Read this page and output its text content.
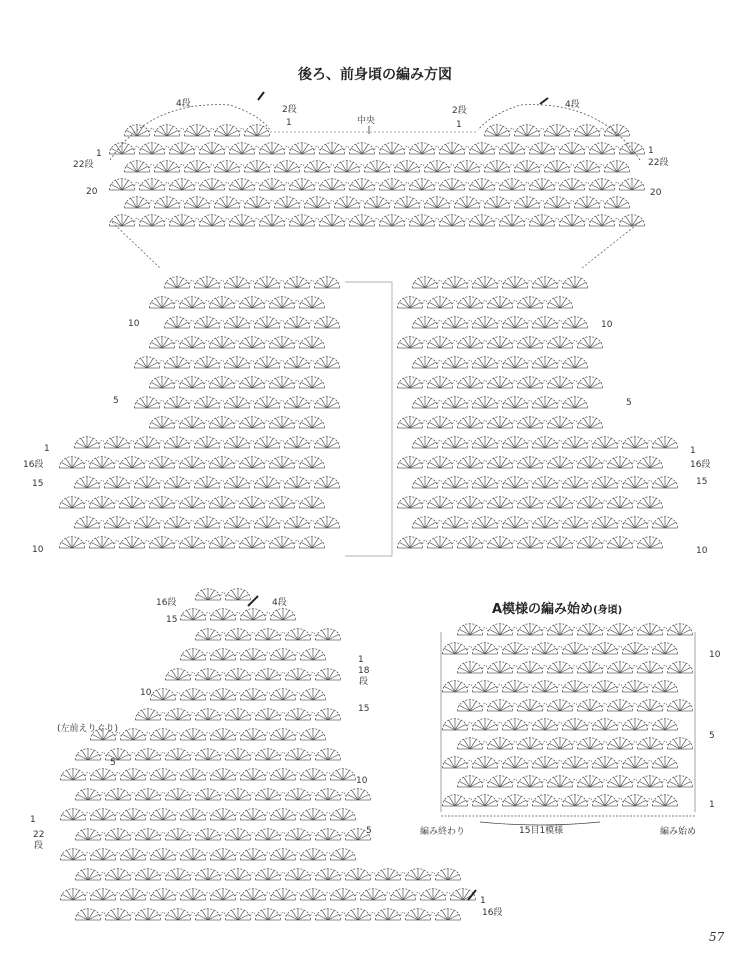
後ろ、前身頃の編み方図
A模様の編み始め(身頃)
中央
4段
1
22段
20
2段
1
2段
1
4段
1
22段
20
10
5
1
16段
15
10
10
5
1
16段
15
10
16段	4段
15
1
18
段
10
15
(左前えりぐり)
5
10
1
22
段
5
1
16段
10
5
1
編み終わり	15目1模様	編み始め
57
